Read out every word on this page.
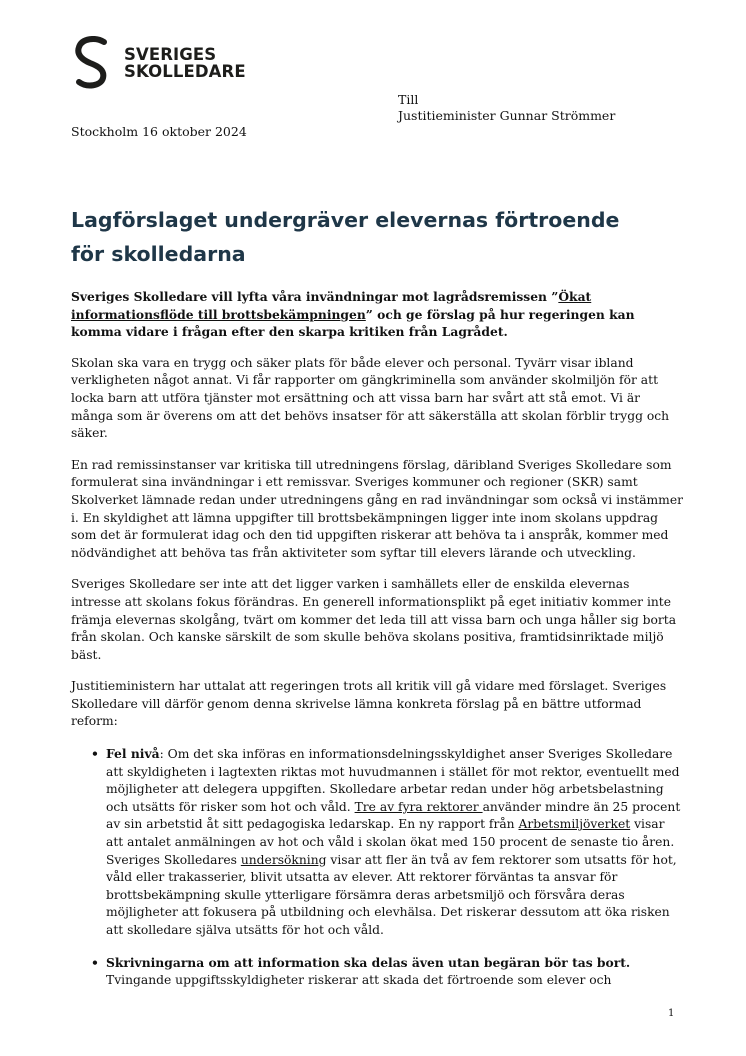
SVERIGES
SKOLLEDARE
Till
Justitieminister Gunnar Strömmer
Stockholm 16 oktober 2024
Lagförslaget undergräver elevernas förtroende för skolledarna

Sveriges Skolledare vill lyfta våra invändningar mot lagrådsremissen ”Ökat informationsflöde till brottsbekämpningen” och ge förslag på hur regeringen kan komma vidare i frågan efter den skarpa kritiken från Lagrådet.

Skolan ska vara en trygg och säker plats för både elever och personal. Tyvärr visar ibland verkligheten något annat. Vi får rapporter om gängkriminella som använder skolmiljön för att locka barn att utföra tjänster mot ersättning och att vissa barn har svårt att stå emot. Vi är många som är överens om att det behövs insatser för att säkerställa att skolan förblir trygg och säker.

En rad remissinstanser var kritiska till utredningens förslag, däribland Sveriges Skolledare som formulerat sina invändningar i ett remissvar. Sveriges kommuner och regioner (SKR) samt Skolverket lämnade redan under utredningens gång en rad invändningar som också vi instämmer i. En skyldighet att lämna uppgifter till brottsbekämpningen ligger inte inom skolans uppdrag som det är formulerat idag och den tid uppgiften riskerar att behöva ta i anspråk, kommer med nödvändighet att behöva tas från aktiviteter som syftar till elevers lärande och utveckling.

Sveriges Skolledare ser inte att det ligger varken i samhällets eller de enskilda elevernas intresse att skolans fokus förändras. En generell informationsplikt på eget initiativ kommer inte främja elevernas skolgång, tvärt om kommer det leda till att vissa barn och unga håller sig borta från skolan. Och kanske särskilt de som skulle behöva skolans positiva, framtidsinriktade miljö bäst.

Justitieministern har uttalat att regeringen trots all kritik vill gå vidare med förslaget. Sveriges Skolledare vill därför genom denna skrivelse lämna konkreta förslag på en bättre utformad reform:

• Fel nivå: Om det ska införas en informationsdelningsskyldighet anser Sveriges Skolledare att skyldigheten i lagtexten riktas mot huvudmannen i stället för mot rektor, eventuellt med möjligheter att delegera uppgiften. Skolledare arbetar redan under hög arbetsbelastning och utsätts för risker som hot och våld. Tre av fyra rektorer använder mindre än 25 procent av sin arbetstid åt sitt pedagogiska ledarskap. En ny rapport från Arbetsmiljöverket visar att antalet anmälningen av hot och våld i skolan ökat med 150 procent de senaste tio åren. Sveriges Skolledares undersökning visar att fler än två av fem rektorer som utsatts för hot, våld eller trakasserier, blivit utsatta av elever. Att rektorer förväntas ta ansvar för brottsbekämpning skulle ytterligare försämra deras arbetsmiljö och försvåra deras möjligheter att fokusera på utbildning och elevhälsa. Det riskerar dessutom att öka risken att skolledare själva utsätts för hot och våld.
• Skrivningarna om att information ska delas även utan begäran bör tas bort. Tvingande uppgiftsskyldigheter riskerar att skada det förtroende som elever och
1
